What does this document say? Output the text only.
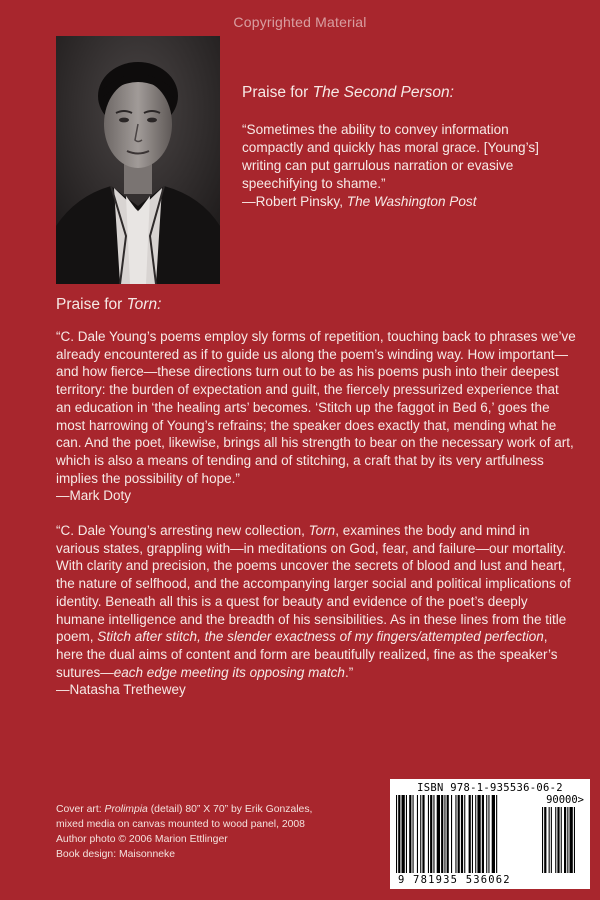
Copyrighted Material
Praise for The Second Person:
“Sometimes the ability to convey information compactly and quickly has moral grace. [Young’s] writing can put garrulous narration or evasive speechifying to shame.”
—Robert Pinsky, The Washington Post
Praise for Torn:
“C. Dale Young’s poems employ sly forms of repetition, touching back to phrases we’ve already encountered as if to guide us along the poem’s winding way. How important—and how fierce—these directions turn out to be as his poems push into their deepest territory: the burden of expectation and guilt, the fiercely pressurized experience that an education in ‘the healing arts’ becomes. ‘Stitch up the faggot in Bed 6,’ goes the most harrowing of Young’s refrains; the speaker does exactly that, mending what he can. And the poet, likewise, brings all his strength to bear on the necessary work of art, which is also a means of tending and of stitching, a craft that by its very artfulness implies the possibility of hope.”
—Mark Doty
“C. Dale Young’s arresting new collection, Torn, examines the body and mind in various states, grappling with—in meditations on God, fear, and failure—our mortality. With clarity and precision, the poems uncover the secrets of blood and lust and heart, the nature of selfhood, and the accompanying larger social and political implications of identity. Beneath all this is a quest for beauty and evidence of the poet’s deeply humane intelligence and the breadth of his sensibilities. As in these lines from the title poem, Stitch after stitch, the slender exactness of my fingers/attempted perfection, here the dual aims of content and form are beautifully realized, fine as the speaker’s sutures—each edge meeting its opposing match.”
—Natasha Trethewey
Cover art: Prolimpia (detail) 80” X 70” by Erik Gonzales,
mixed media on canvas mounted to wood panel, 2008
Author photo © 2006 Marion Ettlinger
Book design: Maisonneke
ISBN 978-1-935536-06-2
90000>
9 781935 536062
